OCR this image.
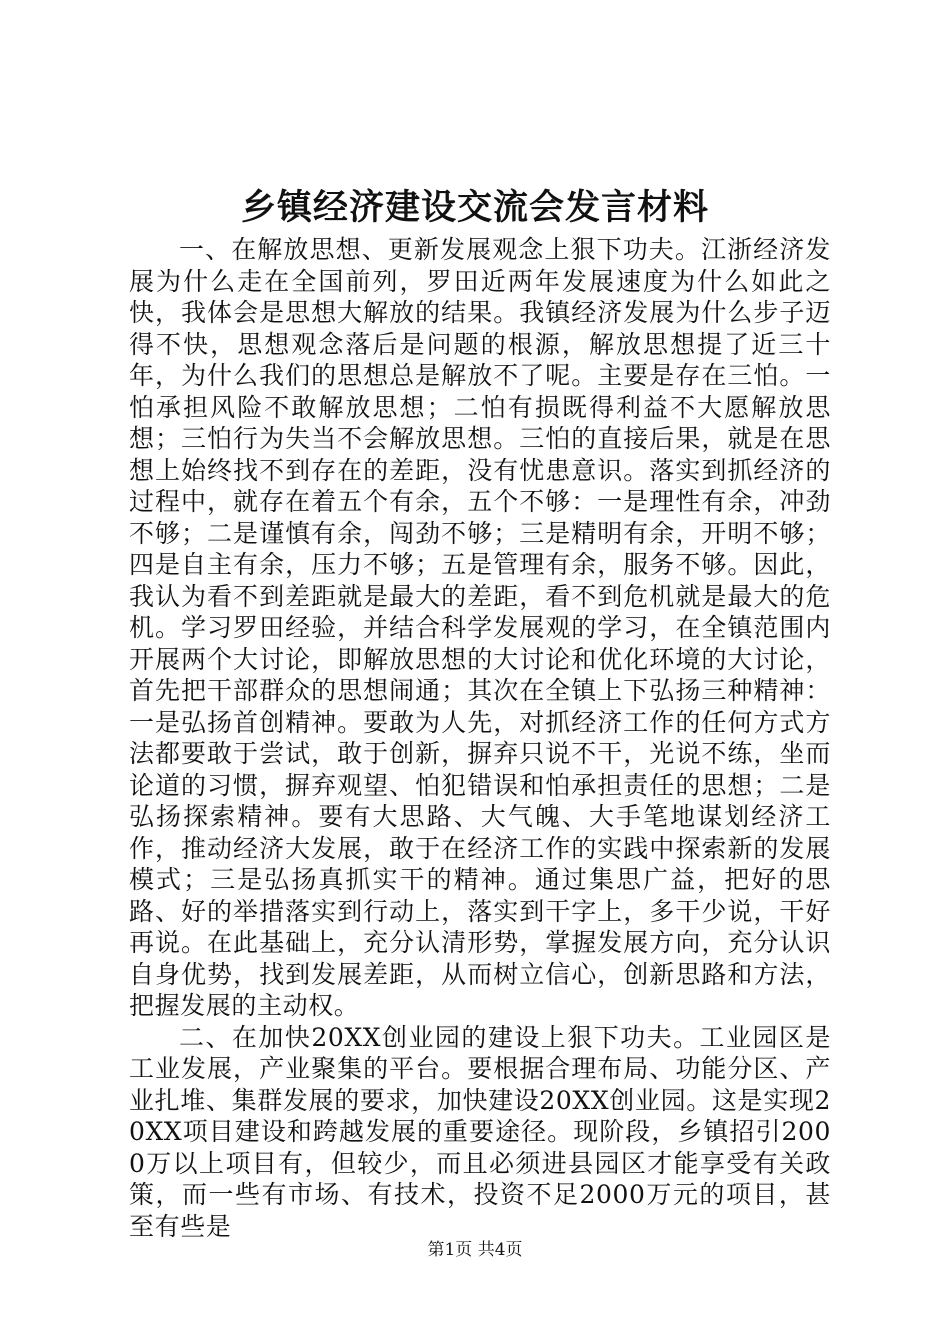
乡镇经济建设交流会发言材料

一、在解放思想、更新发展观念上狠下功夫。江浙经济发展为什么走在全国前列，罗田近两年发展速度为什么如此之快，我体会是思想大解放的结果。我镇经济发展为什么步子迈得不快，思想观念落后是问题的根源，解放思想提了近三十年，为什么我们的思想总是解放不了呢。主要是存在三怕。一怕承担风险不敢解放思想；二怕有损既得利益不大愿解放思想；三怕行为失当不会解放思想。三怕的直接后果，就是在思想上始终找不到存在的差距，没有忧患意识。落实到抓经济的过程中，就存在着五个有余，五个不够：一是理性有余，冲劲不够；二是谨慎有余，闯劲不够；三是精明有余，开明不够；四是自主有余，压力不够；五是管理有余，服务不够。因此，我认为看不到差距就是最大的差距，看不到危机就是最大的危机。学习罗田经验，并结合科学发展观的学习，在全镇范围内开展两个大讨论，即解放思想的大讨论和优化环境的大讨论，首先把干部群众的思想闹通；其次在全镇上下弘扬三种精神：一是弘扬首创精神。要敢为人先，对抓经济工作的任何方式方法都要敢于尝试，敢于创新，摒弃只说不干，光说不练，坐而论道的习惯，摒弃观望、怕犯错误和怕承担责任的思想；二是弘扬探索精神。要有大思路、大气魄、大手笔地谋划经济工作，推动经济大发展，敢于在经济工作的实践中探索新的发展模式；三是弘扬真抓实干的精神。通过集思广益，把好的思路、好的举措落实到行动上，落实到干字上，多干少说，干好再说。在此基础上，充分认清形势，掌握发展方向，充分认识自身优势，找到发展差距，从而树立信心，创新思路和方法，把握发展的主动权。

二、在加快20XX创业园的建设上狠下功夫。工业园区是工业发展，产业聚集的平台。要根据合理布局、功能分区、产业扎堆、集群发展的要求，加快建设20XX创业园。这是实现20XX项目建设和跨越发展的重要途径。现阶段，乡镇招引2000万以上项目有，但较少，而且必须进县园区才能享受有关政策，而一些有市场、有技术，投资不足2000万元的项目，甚至有些是

第1页 共4页
